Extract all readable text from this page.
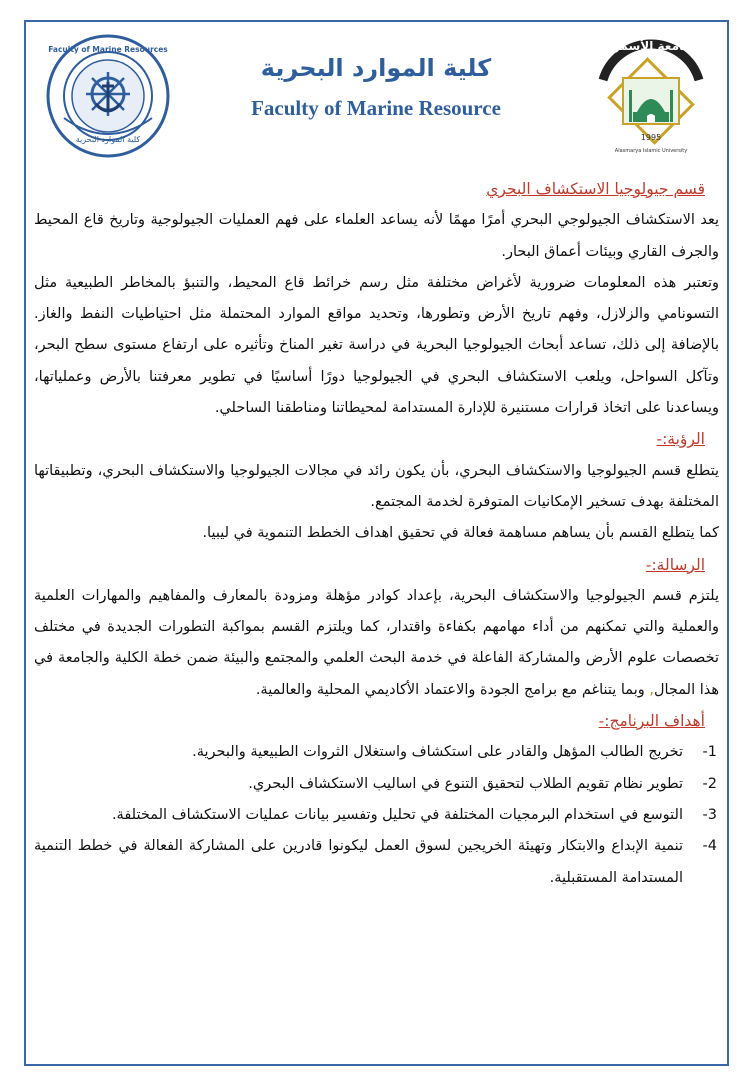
Faculty of Marine Resources
كلية الموارد البحرية
كلية الموارد البحرية
Faculty of Marine Resource
الجامعة الأسمرية
1995
Alasmarya Islamic University
قسم جيولوجيا الاستكشاف البحري

يعد الاستكشاف الجيولوجي البحري أمرًا مهمًا لأنه يساعد العلماء على فهم العمليات الجيولوجية وتاريخ قاع المحيط والجرف القاري وبيئات أعماق البحار.

وتعتبر هذه المعلومات ضرورية لأغراض مختلفة مثل رسم خرائط قاع المحيط، والتنبؤ بالمخاطر الطبيعية مثل التسونامي والزلازل، وفهم تاريخ الأرض وتطورها، وتحديد مواقع الموارد المحتملة مثل احتياطيات النفط والغاز. بالإضافة إلى ذلك، تساعد أبحاث الجيولوجيا البحرية في دراسة تغير المناخ وتأثيره على ارتفاع مستوى سطح البحر، وتآكل السواحل، ويلعب الاستكشاف البحري في الجيولوجيا دورًا أساسيًا في تطوير معرفتنا بالأرض وعملياتها، ويساعدنا على اتخاذ قرارات مستنيرة للإدارة المستدامة لمحيطاتنا ومناطقنا الساحلي.

الرؤية:-

يتطلع قسم الجيولوجيا والاستكشاف البحري، بأن يكون رائد في مجالات الجيولوجيا والاستكشاف البحري، وتطبيقاتها المختلفة بهدف تسخير الإمكانيات المتوفرة لخدمة المجتمع.

كما يتطلع القسم بأن يساهم مساهمة فعالة في تحقيق اهداف الخطط التنموية في ليبيا.

الرسالة:-

يلتزم قسم الجيولوجيا والاستكشاف البحرية، بإعداد كوادر مؤهلة ومزودة بالمعارف والمفاهيم والمهارات العلمية والعملية والتي تمكنهم من أداء مهامهم بكفاءة واقتدار، كما ويلتزم القسم بمواكبة التطورات الجديدة في مختلف تخصصات علوم الأرض والمشاركة الفاعلة في خدمة البحث العلمي والمجتمع والبيئة ضمن خطة الكلية والجامعة في هذا المجال, وبما يتناغم مع برامج الجودة والاعتماد الأكاديمي المحلية والعالمية.

أهداف البرنامج:-
-1
تخريج الطالب المؤهل والقادر على استكشاف واستغلال الثروات الطبيعية والبحرية.
-2
تطوير نظام تقويم الطلاب لتحقيق التنوع في اساليب الاستكشاف البحري.
-3
التوسع في استخدام البرمجيات المختلفة في تحليل وتفسير بيانات عمليات الاستكشاف المختلفة.
-4
تنمية الإبداع والابتكار وتهيئة الخريجين لسوق العمل ليكونوا قادرين على المشاركة الفعالة في خطط التنمية المستدامة المستقبلية.
